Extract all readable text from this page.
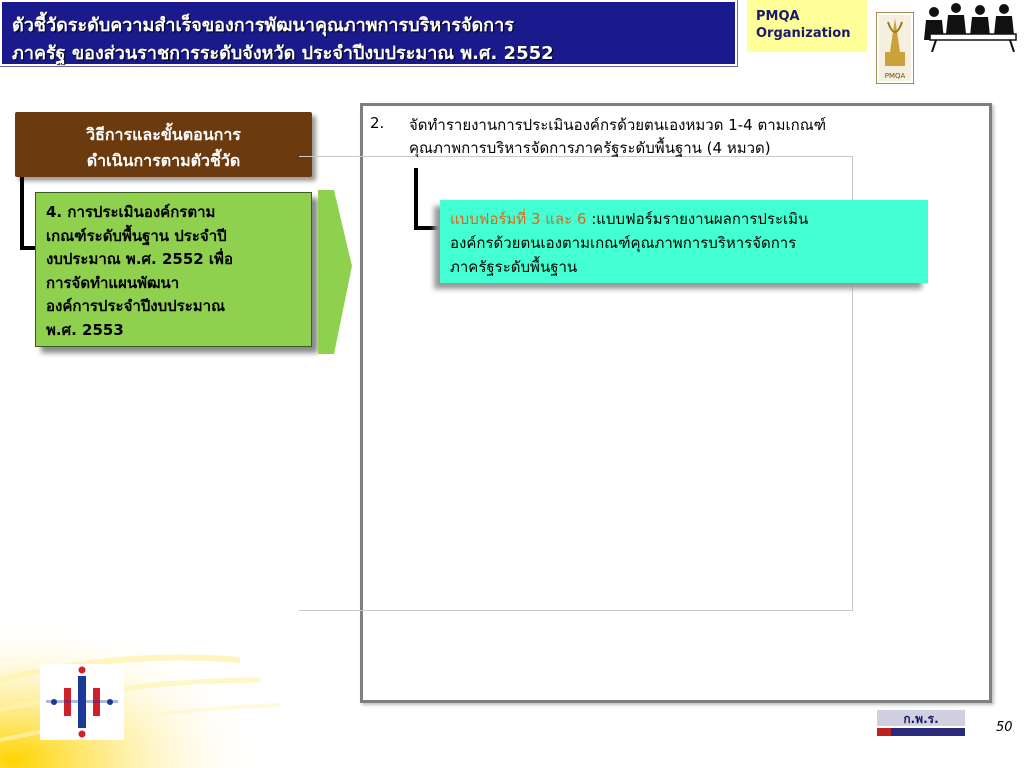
ตัวชี้วัดระดับความสำเร็จของการพัฒนาคุณภาพการบริหารจัดการ
ภาครัฐ ของส่วนราชการระดับจังหวัด ประจำปีงบประมาณ พ.ศ. 2552
PMQA
Organization
PMQA
วิธีการและขั้นตอนการ
ดำเนินการตามตัวชี้วัด
4. การประเมินองค์กรตาม
เกณฑ์ระดับพื้นฐาน ประจำปี
งบประมาณ พ.ศ. 2552 เพื่อ
การจัดทำแผนพัฒนา
องค์การประจำปีงบประมาณ
พ.ศ. 2553
2. จัดทำรายงานการประเมินองค์กรด้วยตนเองหมวด 1-4 ตามเกณฑ์
คุณภาพการบริหารจัดการภาครัฐระดับพื้นฐาน (4 หมวด)
แบบฟอร์มที่ 3 และ 6 :แบบฟอร์มรายงานผลการประเมิน
องค์กรด้วยตนเองตามเกณฑ์คุณภาพการบริหารจัดการ
ภาครัฐระดับพื้นฐาน
ก.พ.ร.
50
